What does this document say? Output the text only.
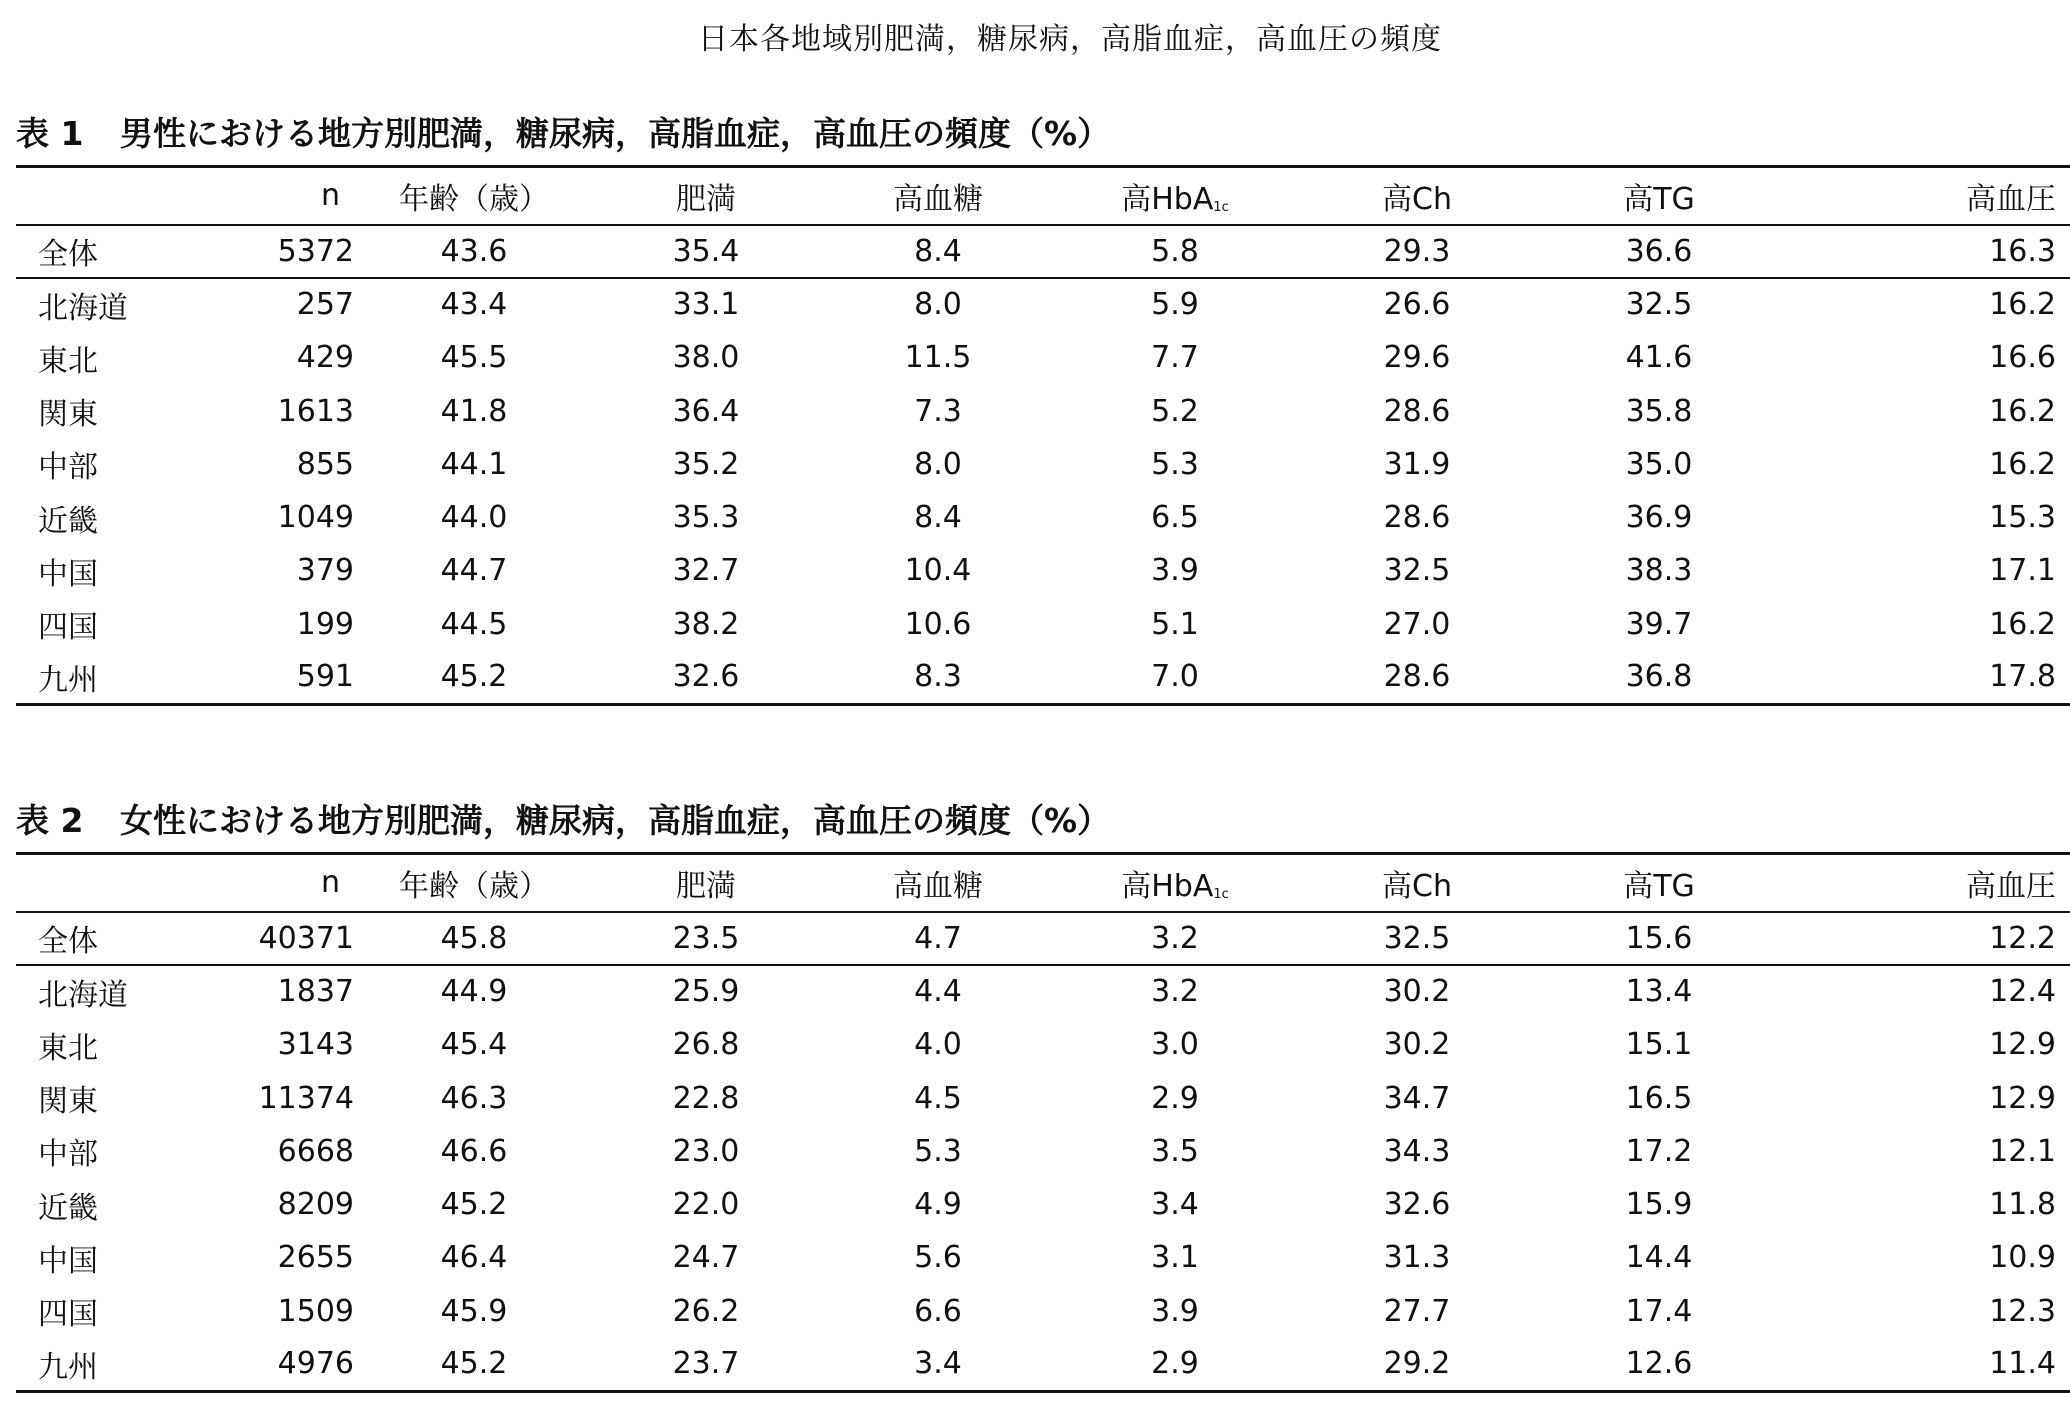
日本各地域別肥満，糖尿病，高脂血症，高血圧の頻度
表 1 男性における地方別肥満，糖尿病，高脂血症，高血圧の頻度（%）
	n	年齢（歳）	肥満	高血糖	高HbA$_{1c}$	高Ch	高TG	高血圧
全体	5372	43.6	35.4	8.4	5.8	29.3	36.6	16.3
北海道	257	43.4	33.1	8.0	5.9	26.6	32.5	16.2
東北	429	45.5	38.0	11.5	7.7	29.6	41.6	16.6
関東	1613	41.8	36.4	7.3	5.2	28.6	35.8	16.2
中部	855	44.1	35.2	8.0	5.3	31.9	35.0	16.2
近畿	1049	44.0	35.3	8.4	6.5	28.6	36.9	15.3
中国	379	44.7	32.7	10.4	3.9	32.5	38.3	17.1
四国	199	44.5	38.2	10.6	5.1	27.0	39.7	16.2
九州	591	45.2	32.6	8.3	7.0	28.6	36.8	17.8
表 2 女性における地方別肥満，糖尿病，高脂血症，高血圧の頻度（%）
	n	年齢（歳）	肥満	高血糖	高HbA$_{1c}$	高Ch	高TG	高血圧
全体	40371	45.8	23.5	4.7	3.2	32.5	15.6	12.2
北海道	1837	44.9	25.9	4.4	3.2	30.2	13.4	12.4
東北	3143	45.4	26.8	4.0	3.0	30.2	15.1	12.9
関東	11374	46.3	22.8	4.5	2.9	34.7	16.5	12.9
中部	6668	46.6	23.0	5.3	3.5	34.3	17.2	12.1
近畿	8209	45.2	22.0	4.9	3.4	32.6	15.9	11.8
中国	2655	46.4	24.7	5.6	3.1	31.3	14.4	10.9
四国	1509	45.9	26.2	6.6	3.9	27.7	17.4	12.3
九州	4976	45.2	23.7	3.4	2.9	29.2	12.6	11.4
